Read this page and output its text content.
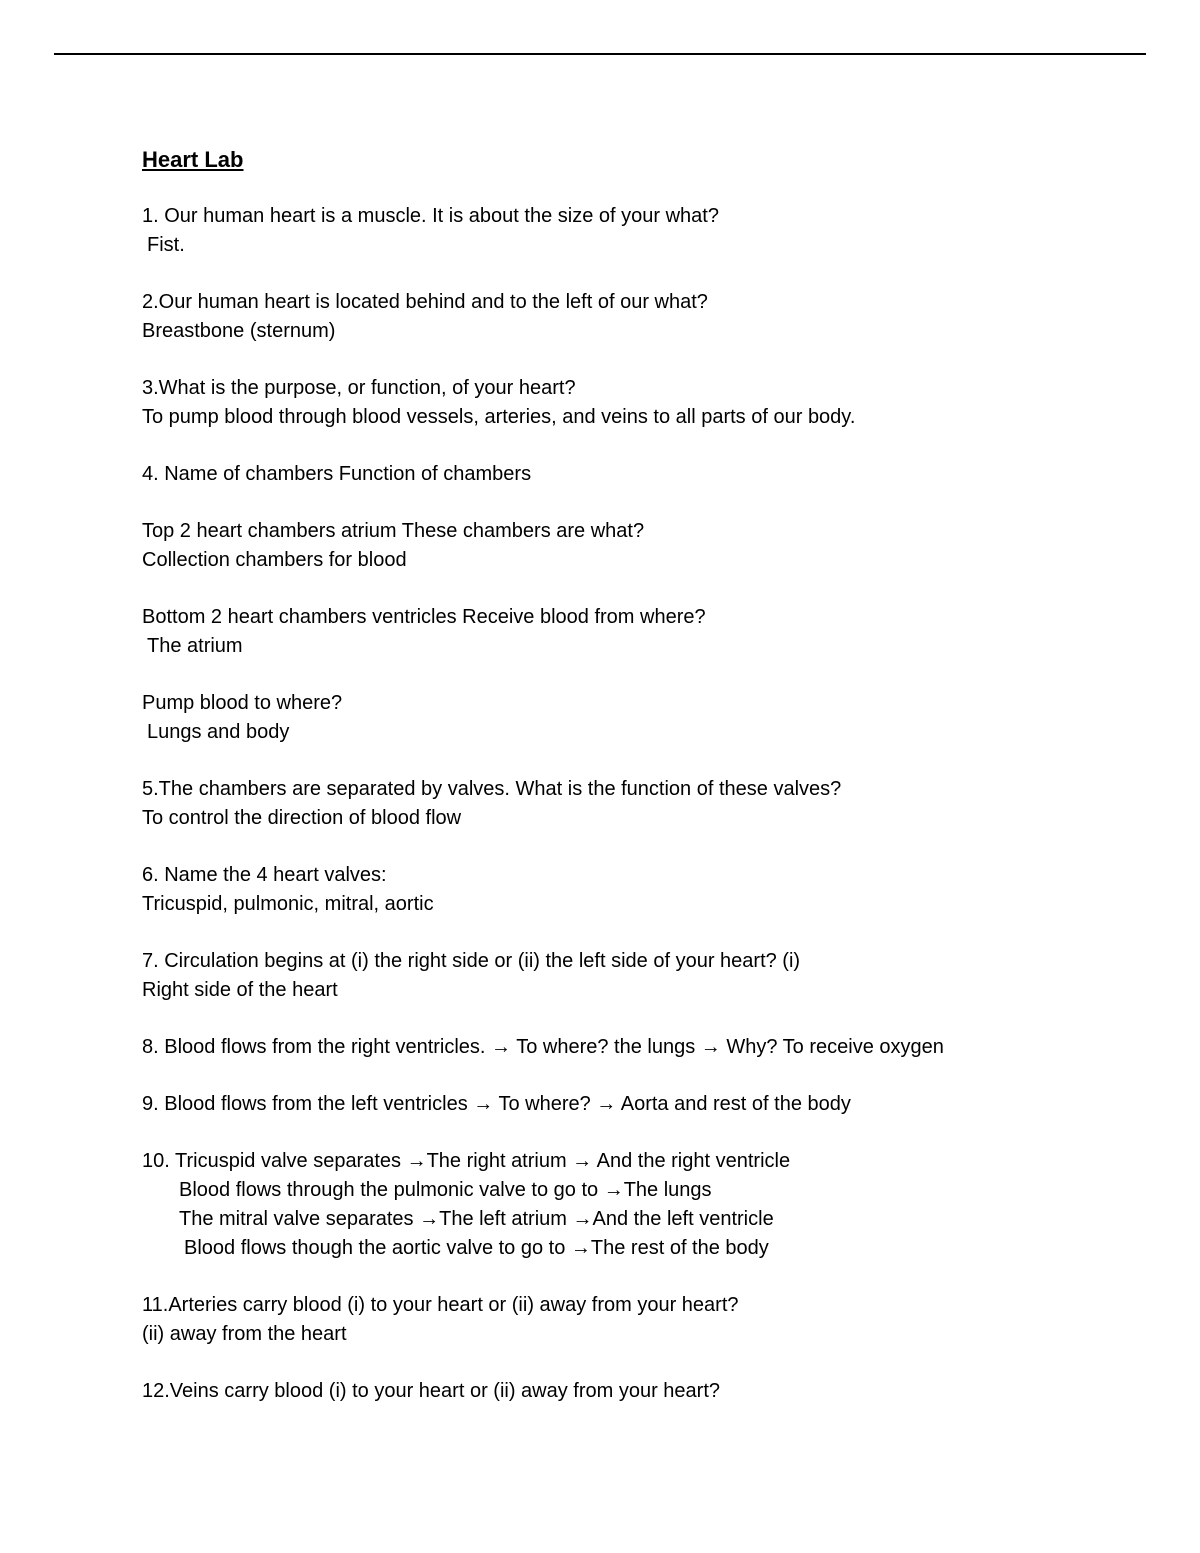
Heart Lab
1. Our human heart is a muscle. It is about the size of your what?
Fist.
2.Our human heart is located behind and to the left of our what?
Breastbone (sternum)
3.What is the purpose, or function, of your heart?
To pump blood through blood vessels, arteries, and veins to all parts of our body.
4. Name of chambers Function of chambers
Top 2 heart chambers atrium These chambers are what?
Collection chambers for blood
Bottom 2 heart chambers ventricles Receive blood from where?
The atrium
Pump blood to where?
Lungs and body
5.The chambers are separated by valves. What is the function of these valves?
To control the direction of blood flow
6. Name the 4 heart valves:
Tricuspid, pulmonic, mitral, aortic
7. Circulation begins at (i) the right side or (ii) the left side of your heart? (i)
Right side of the heart
8. Blood flows from the right ventricles. → To where? the lungs → Why? To receive oxygen
9. Blood flows from the left ventricles → To where? → Aorta and rest of the body
10. Tricuspid valve separates →The right atrium → And the right ventricle
Blood flows through the pulmonic valve to go to →The lungs
The mitral valve separates →The left atrium →And the left ventricle
Blood flows though the aortic valve to go to →The rest of the body
11.Arteries carry blood (i) to your heart or (ii) away from your heart?
(ii) away from the heart
12.Veins carry blood (i) to your heart or (ii) away from your heart?
